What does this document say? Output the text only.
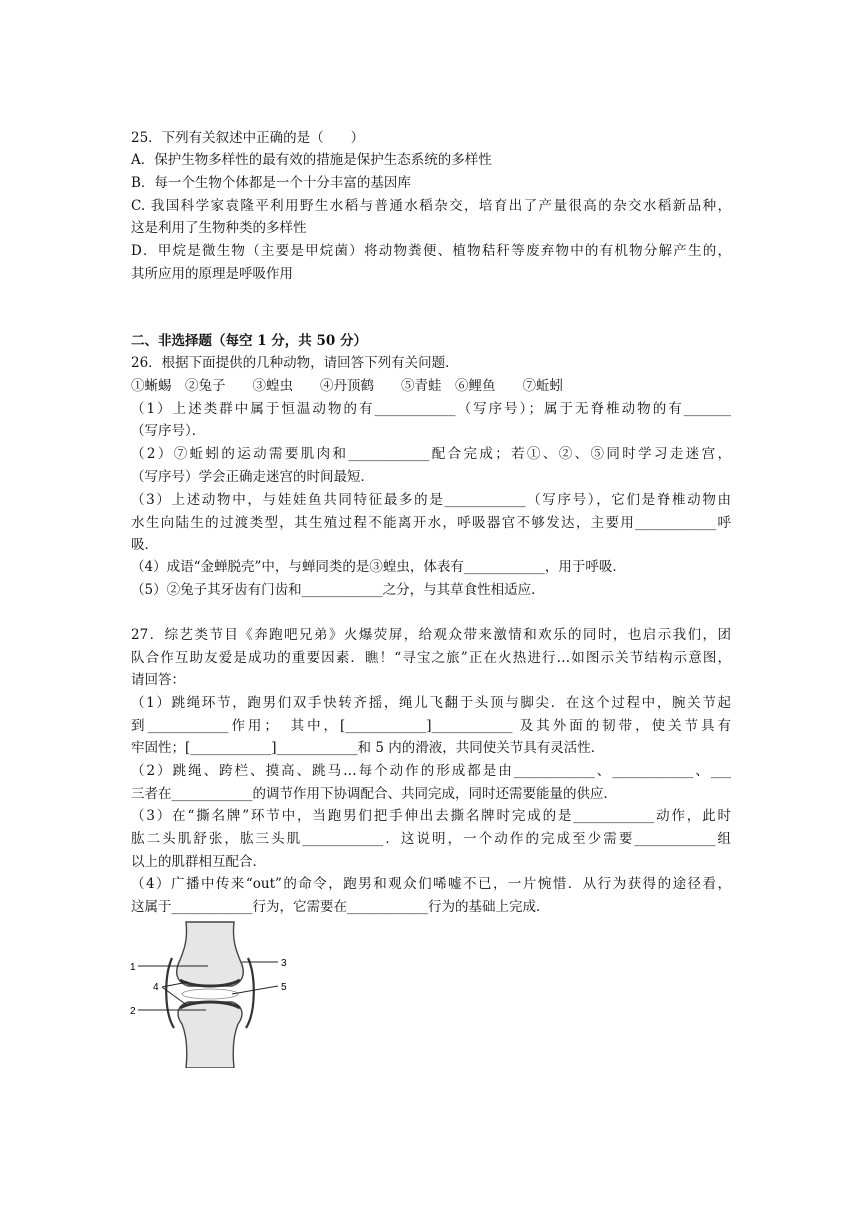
25．下列有关叙述中正确的是（　　）
A．保护生物多样性的最有效的措施是保护生态系统的多样性
B．每一个生物个体都是一个十分丰富的基因库
C. 我国科学家袁隆平利用野生水稻与普通水稻杂交，培育出了产量很高的杂交水稻新品种，
这是利用了生物种类的多样性
D．甲烷是微生物（主要是甲烷菌）将动物粪便、植物秸秆等废弃物中的有机物分解产生的，
其所应用的原理是呼吸作用
二、非选择题（每空 1 分，共 50 分）
26．根据下面提供的几种动物，请回答下列有关问题．
①蜥蜴　②兔子　　③蝗虫　　④丹顶鹤　　⑤青蛙　⑥鲤鱼　　⑦蚯蚓
（1）上述类群中属于恒温动物的有____________（写序号）；属于无脊椎动物的有_______
（写序号）．
（2）⑦蚯蚓的运动需要肌肉和____________配合完成；若①、②、⑤同时学习走迷宫，
（写序号）学会正确走迷宫的时间最短．
（3）上述动物中，与娃娃鱼共同特征最多的是____________（写序号），它们是脊椎动物由
水生向陆生的过渡类型，其生殖过程不能离开水，呼吸器官不够发达，主要用____________呼
吸．
（4）成语“金蝉脱壳”中，与蝉同类的是③蝗虫，体表有____________，用于呼吸．
（5）②兔子其牙齿有门齿和____________之分，与其草食性相适应．
27．综艺类节目《奔跑吧兄弟》火爆荧屏，给观众带来激情和欢乐的同时，也启示我们，团
队合作互助友爱是成功的重要因素．瞧！“寻宝之旅”正在火热进行…如图示关节结构示意图，
请回答：
（1）跳绳环节，跑男们双手快转齐摇，绳儿飞翻于头顶与脚尖．在这个过程中，腕关节起
到____________作用；　其中，[____________]____________ 及其外面的韧带，使关节具有
牢固性；[____________]____________和 5 内的滑液，共同使关节具有灵活性．
（2）跳绳、跨栏、摸高、跳马…每个动作的形成都是由____________、____________、___
三者在____________的调节作用下协调配合、共同完成，同时还需要能量的供应．
（3）在“撕名牌”环节中，当跑男们把手伸出去撕名牌时完成的是____________动作，此时
肱二头肌舒张，肱三头肌____________．这说明，一个动作的完成至少需要____________组
以上的肌群相互配合．
（4）广播中传来“out”的命令，跑男和观众们唏嘘不已，一片惋惜．从行为获得的途径看，
这属于____________行为，它需要在____________行为的基础上完成．
1
2
3
4	5
